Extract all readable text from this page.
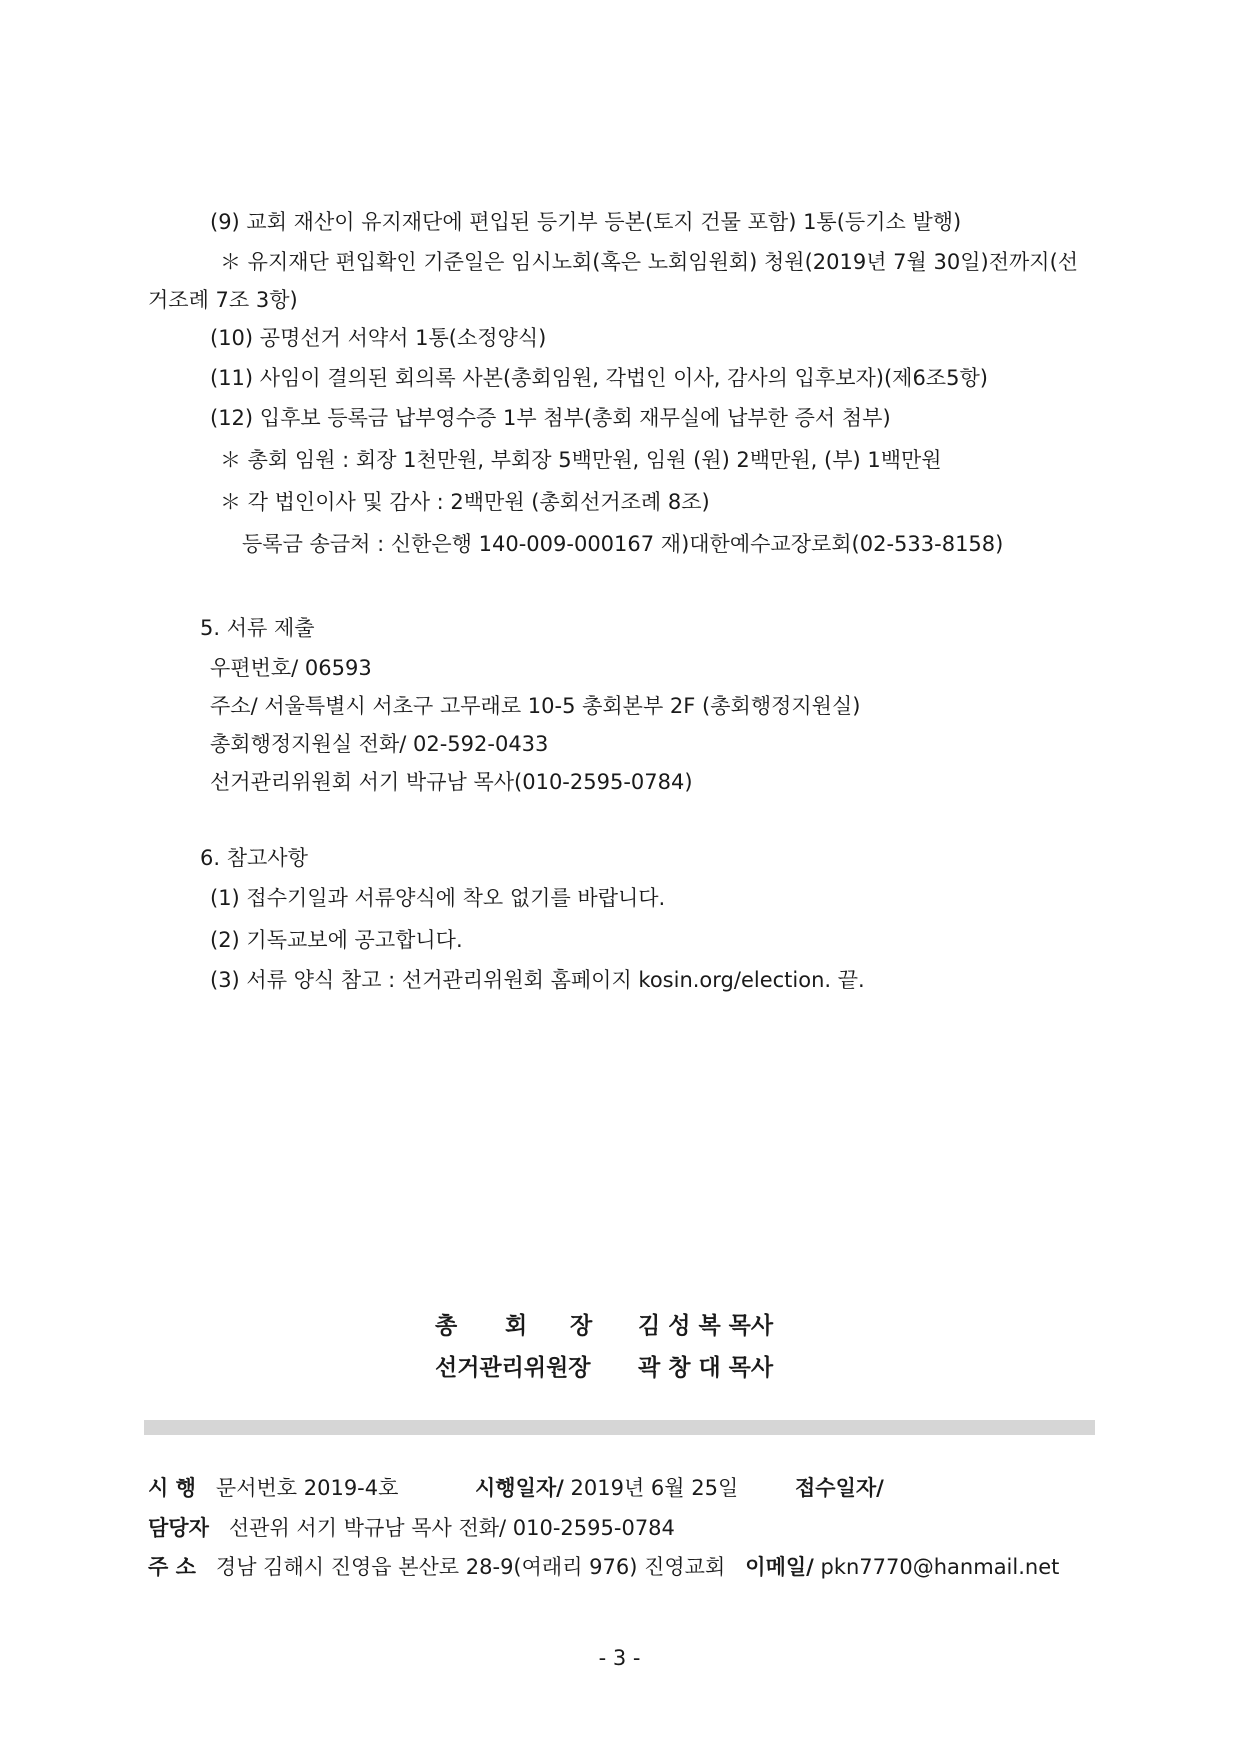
(9) 교회 재산이 유지재단에 편입된 등기부 등본(토지 건물 포함) 1통(등기소 발행)
＊ 유지재단 편입확인 기준일은 임시노회(혹은 노회임원회) 청원(2019년 7월 30일)전까지(선
거조례 7조 3항)
(10) 공명선거 서약서 1통(소정양식)
(11) 사임이 결의된 회의록 사본(총회임원, 각법인 이사, 감사의 입후보자)(제6조5항)
(12) 입후보 등록금 납부영수증 1부 첨부(총회 재무실에 납부한 증서 첨부)
＊ 총회 임원 : 회장 1천만원, 부회장 5백만원, 임원 (원) 2백만원, (부) 1백만원
＊ 각 법인이사 및 감사 : 2백만원 (총회선거조례 8조)
등록금 송금처 : 신한은행 140-009-000167 재)대한예수교장로회(02-533-8158)
5. 서류 제출
우편번호/ 06593
주소/ 서울특별시 서초구 고무래로 10-5 총회본부 2F (총회행정지원실)
총회행정지원실 전화/ 02-592-0433
선거관리위원회 서기 박규남 목사(010-2595-0784)
6. 참고사항
(1) 접수기일과 서류양식에 착오 없기를 바랍니다.
(2) 기독교보에 공고합니다.
(3) 서류 양식 참고 : 선거관리위원회 홈페이지 kosin.org/election. 끝.
총 회 장 김 성 복 목사
선거관리위원장 곽 창 대 목사
시 행 문서번호 2019-4호	시행일자/ 2019년 6월 25일	접수일자/
담당자 선관위 서기 박규남 목사 전화/ 010-2595-0784
주 소 경남 김해시 진영읍 본산로 28-9(여래리 976) 진영교회 이메일/ pkn7770@hanmail.net
- 3 -
